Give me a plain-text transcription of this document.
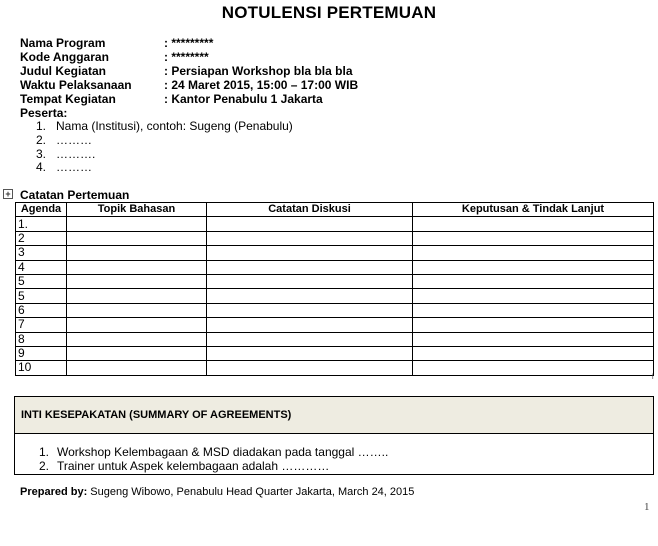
NOTULENSI PERTEMUAN
Nama Program	: *********
Kode Anggaran	: ********
Judul Kegiatan	: Persiapan Workshop bla bla bla
Waktu Pelaksanaan	: 24 Maret 2015, 15:00 – 17:00 WIB
Tempat Kegiatan	: Kantor Penabulu 1 Jakarta
Peserta:
1. Nama (Institusi), contoh: Sugeng (Penabulu)
2. ………
3. ……….
4. ………
+ Catatan Pertemuan
Agenda	Topik Bahasan	Catatan Diskusi	Keputusan & Tindak Lanjut
1.			
2			
3			
4			
5			
5			
6			
7			
8			
9			
10			
l
INTI KESEPAKATAN (SUMMARY OF AGREEMENTS)
1. Workshop Kelembagaan & MSD diadakan pada tanggal ……..
2. Trainer untuk Aspek kelembagaan adalah …………
Prepared by: Sugeng Wibowo, Penabulu Head Quarter Jakarta, March 24, 2015
1
